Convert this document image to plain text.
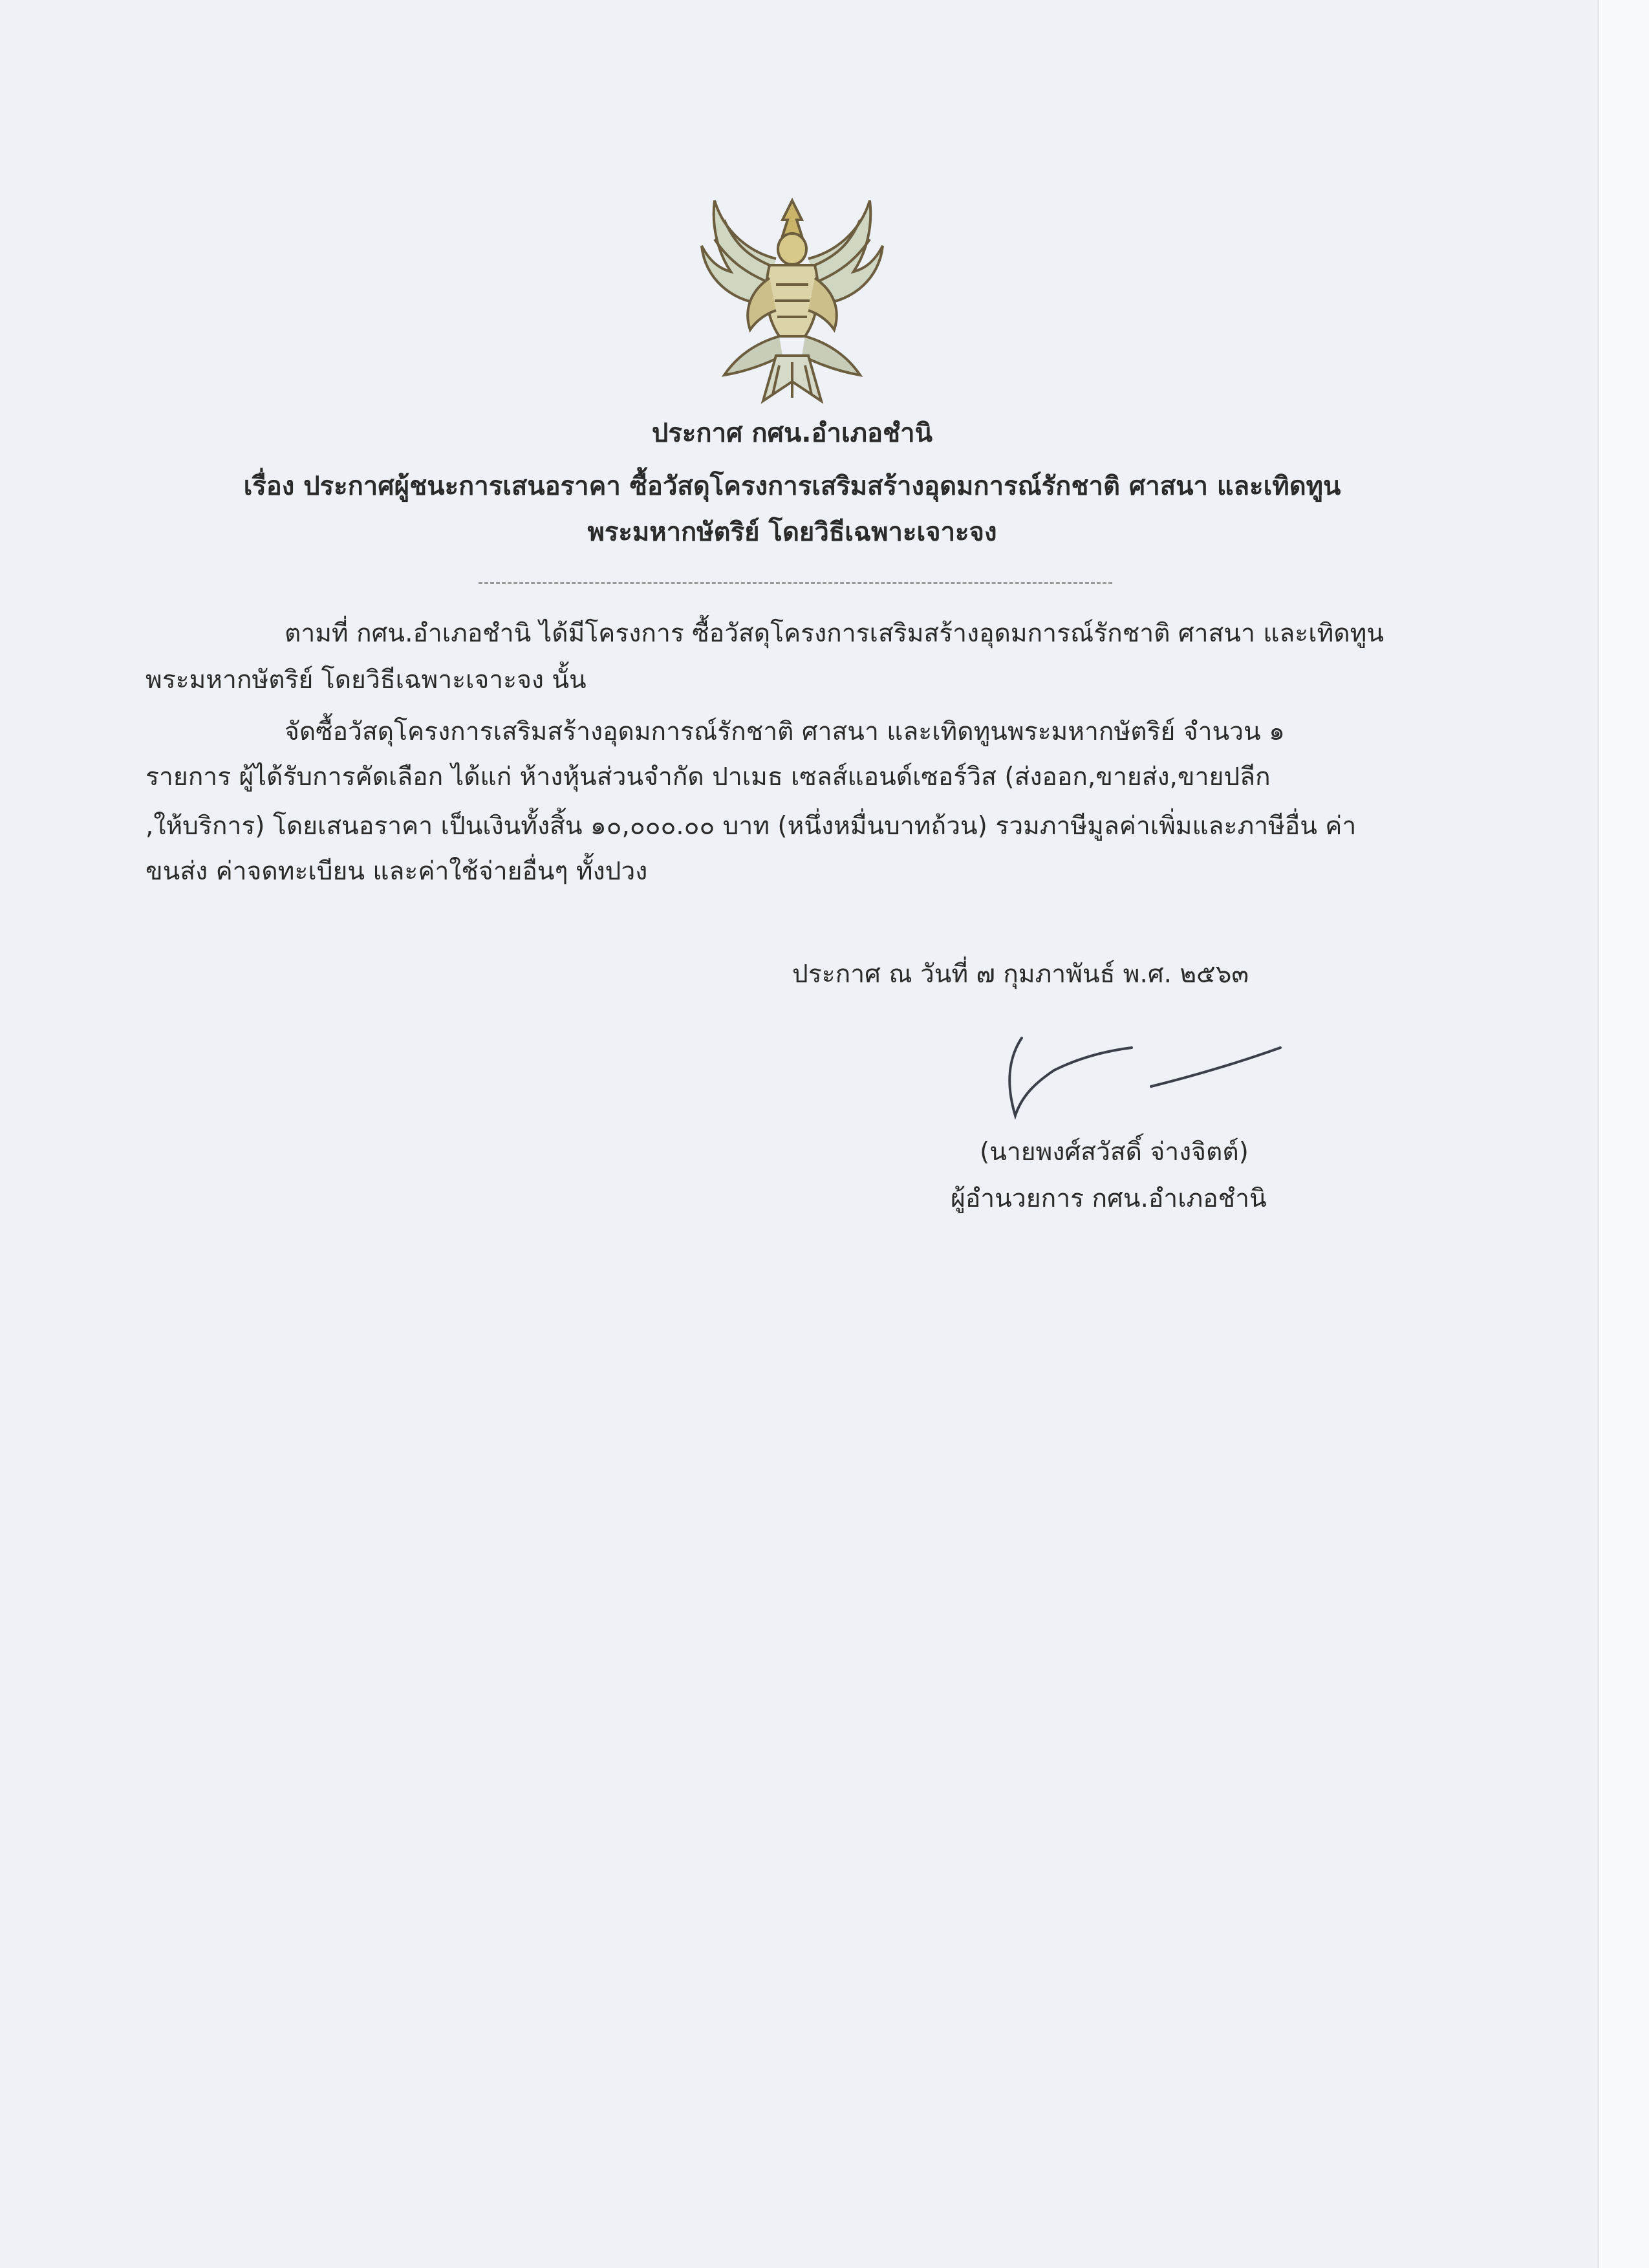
ประกาศ กศน.อำเภอชำนิ
เรื่อง ประกาศผู้ชนะการเสนอราคา ซื้อวัสดุโครงการเสริมสร้างอุดมการณ์รักชาติ ศาสนา และเทิดทูน
พระมหากษัตริย์ โดยวิธีเฉพาะเจาะจง
ตามที่ กศน.อำเภอชำนิ ได้มีโครงการ ซื้อวัสดุโครงการเสริมสร้างอุดมการณ์รักชาติ ศาสนา และเทิดทูน
พระมหากษัตริย์ โดยวิธีเฉพาะเจาะจง นั้น
จัดซื้อวัสดุโครงการเสริมสร้างอุดมการณ์รักชาติ ศาสนา และเทิดทูนพระมหากษัตริย์ จำนวน ๑
รายการ ผู้ได้รับการคัดเลือก ได้แก่ ห้างหุ้นส่วนจำกัด ปาเมธ เซลส์แอนด์เซอร์วิส (ส่งออก,ขายส่ง,ขายปลีก
,ให้บริการ) โดยเสนอราคา เป็นเงินทั้งสิ้น ๑๐,๐๐๐.๐๐ บาท (หนึ่งหมื่นบาทถ้วน) รวมภาษีมูลค่าเพิ่มและภาษีอื่น ค่า
ขนส่ง ค่าจดทะเบียน และค่าใช้จ่ายอื่นๆ ทั้งปวง
ประกาศ ณ วันที่ ๗ กุมภาพันธ์ พ.ศ. ๒๕๖๓
(นายพงศ์สวัสดิ์ จ่างจิตต์)
ผู้อำนวยการ กศน.อำเภอชำนิ
